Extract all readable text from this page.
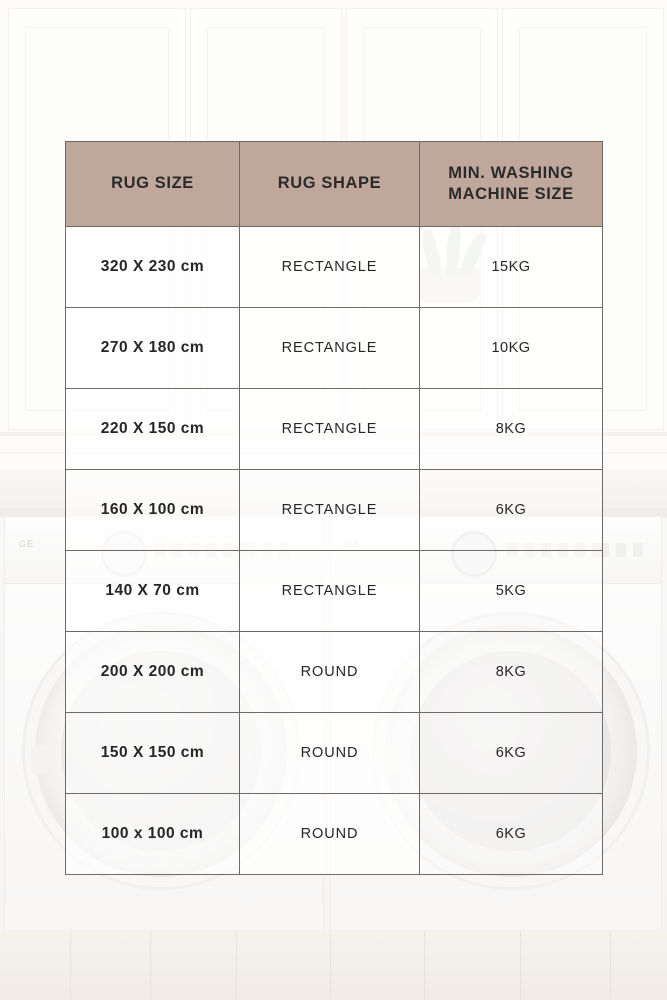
GE
RUG SIZE	RUG SHAPE	MIN. WASHING MACHINE SIZE
320 X 230 cm	RECTANGLE	15KG
270 X 180 cm	RECTANGLE	10KG
220 X 150 cm	RECTANGLE	8KG
160 X 100 cm	RECTANGLE	6KG
140 X 70 cm	RECTANGLE	5KG
200 X 200 cm	ROUND	8KG
150 X 150 cm	ROUND	6KG
100 x 100 cm	ROUND	6KG
